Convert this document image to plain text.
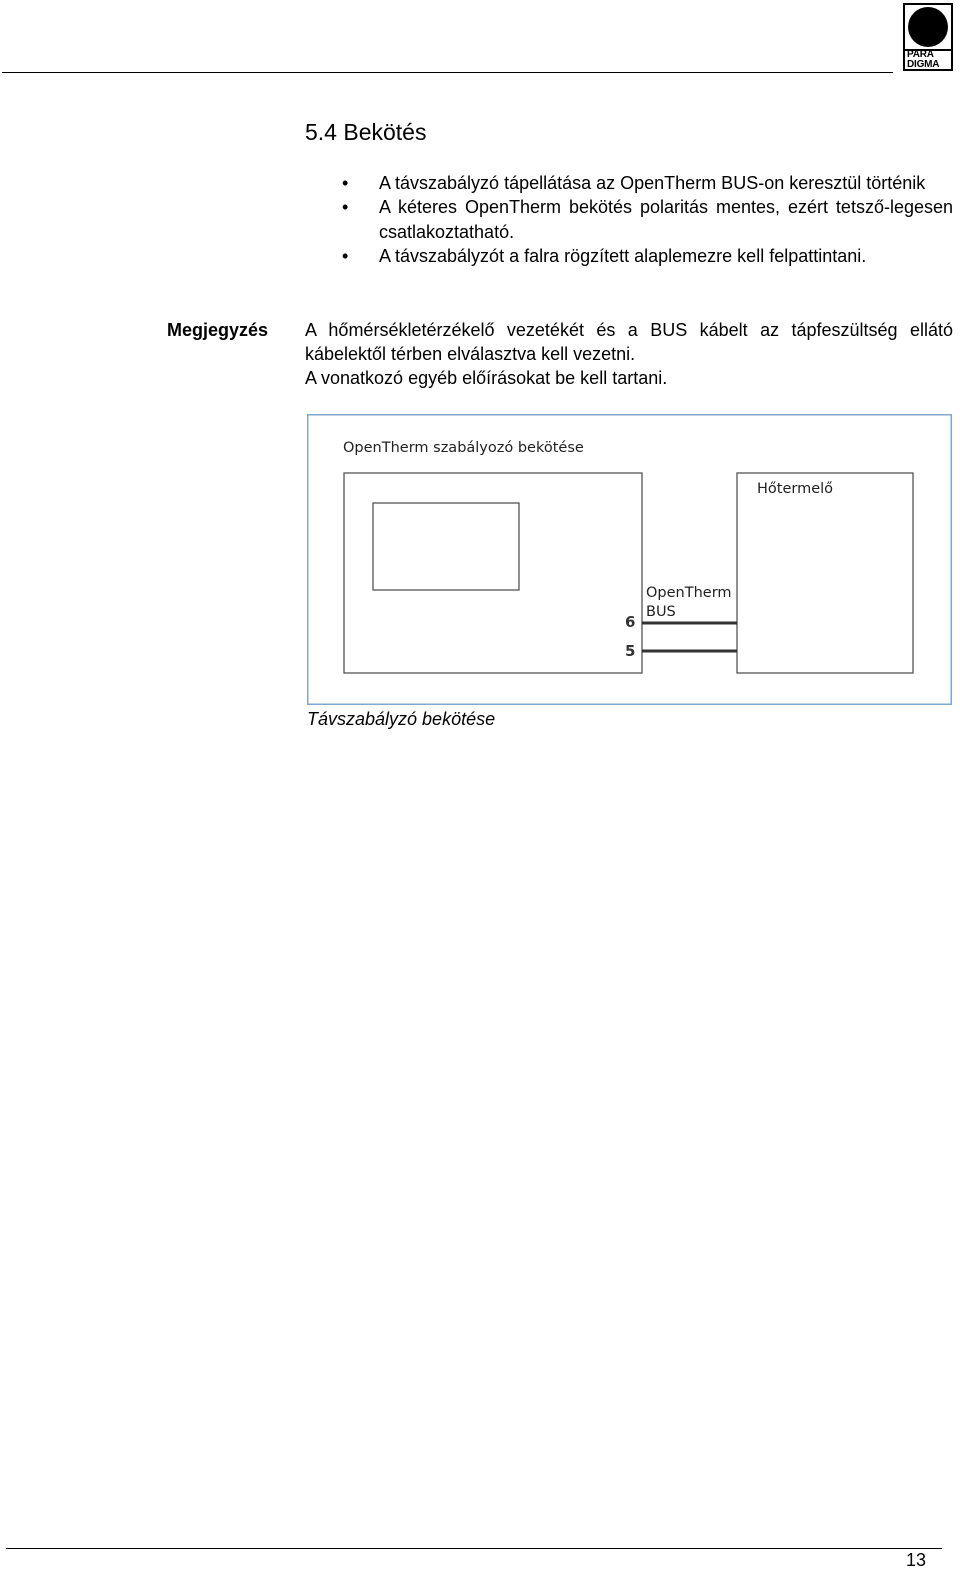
PARA
DIGMA
5.4 Bekötés
• A távszabályzó tápellátása az OpenTherm BUS-on keresztül történik
• A kéteres OpenTherm bekötés polaritás mentes, ezért tetsző-legesen csatlakoztatható.
• A távszabályzót a falra rögzített alaplemezre kell felpattintani.
Megjegyzés A hőmérsékletérzékelő vezetékét és a BUS kábelt az tápfeszültség ellátó kábelektől térben elválasztva kell vezetni.

A vonatkozó egyéb előírásokat be kell tartani.

OpenTherm szabályozó bekötése
Hőtermelő
OpenTherm
BUS
6
5
Távszabályzó bekötése
13
